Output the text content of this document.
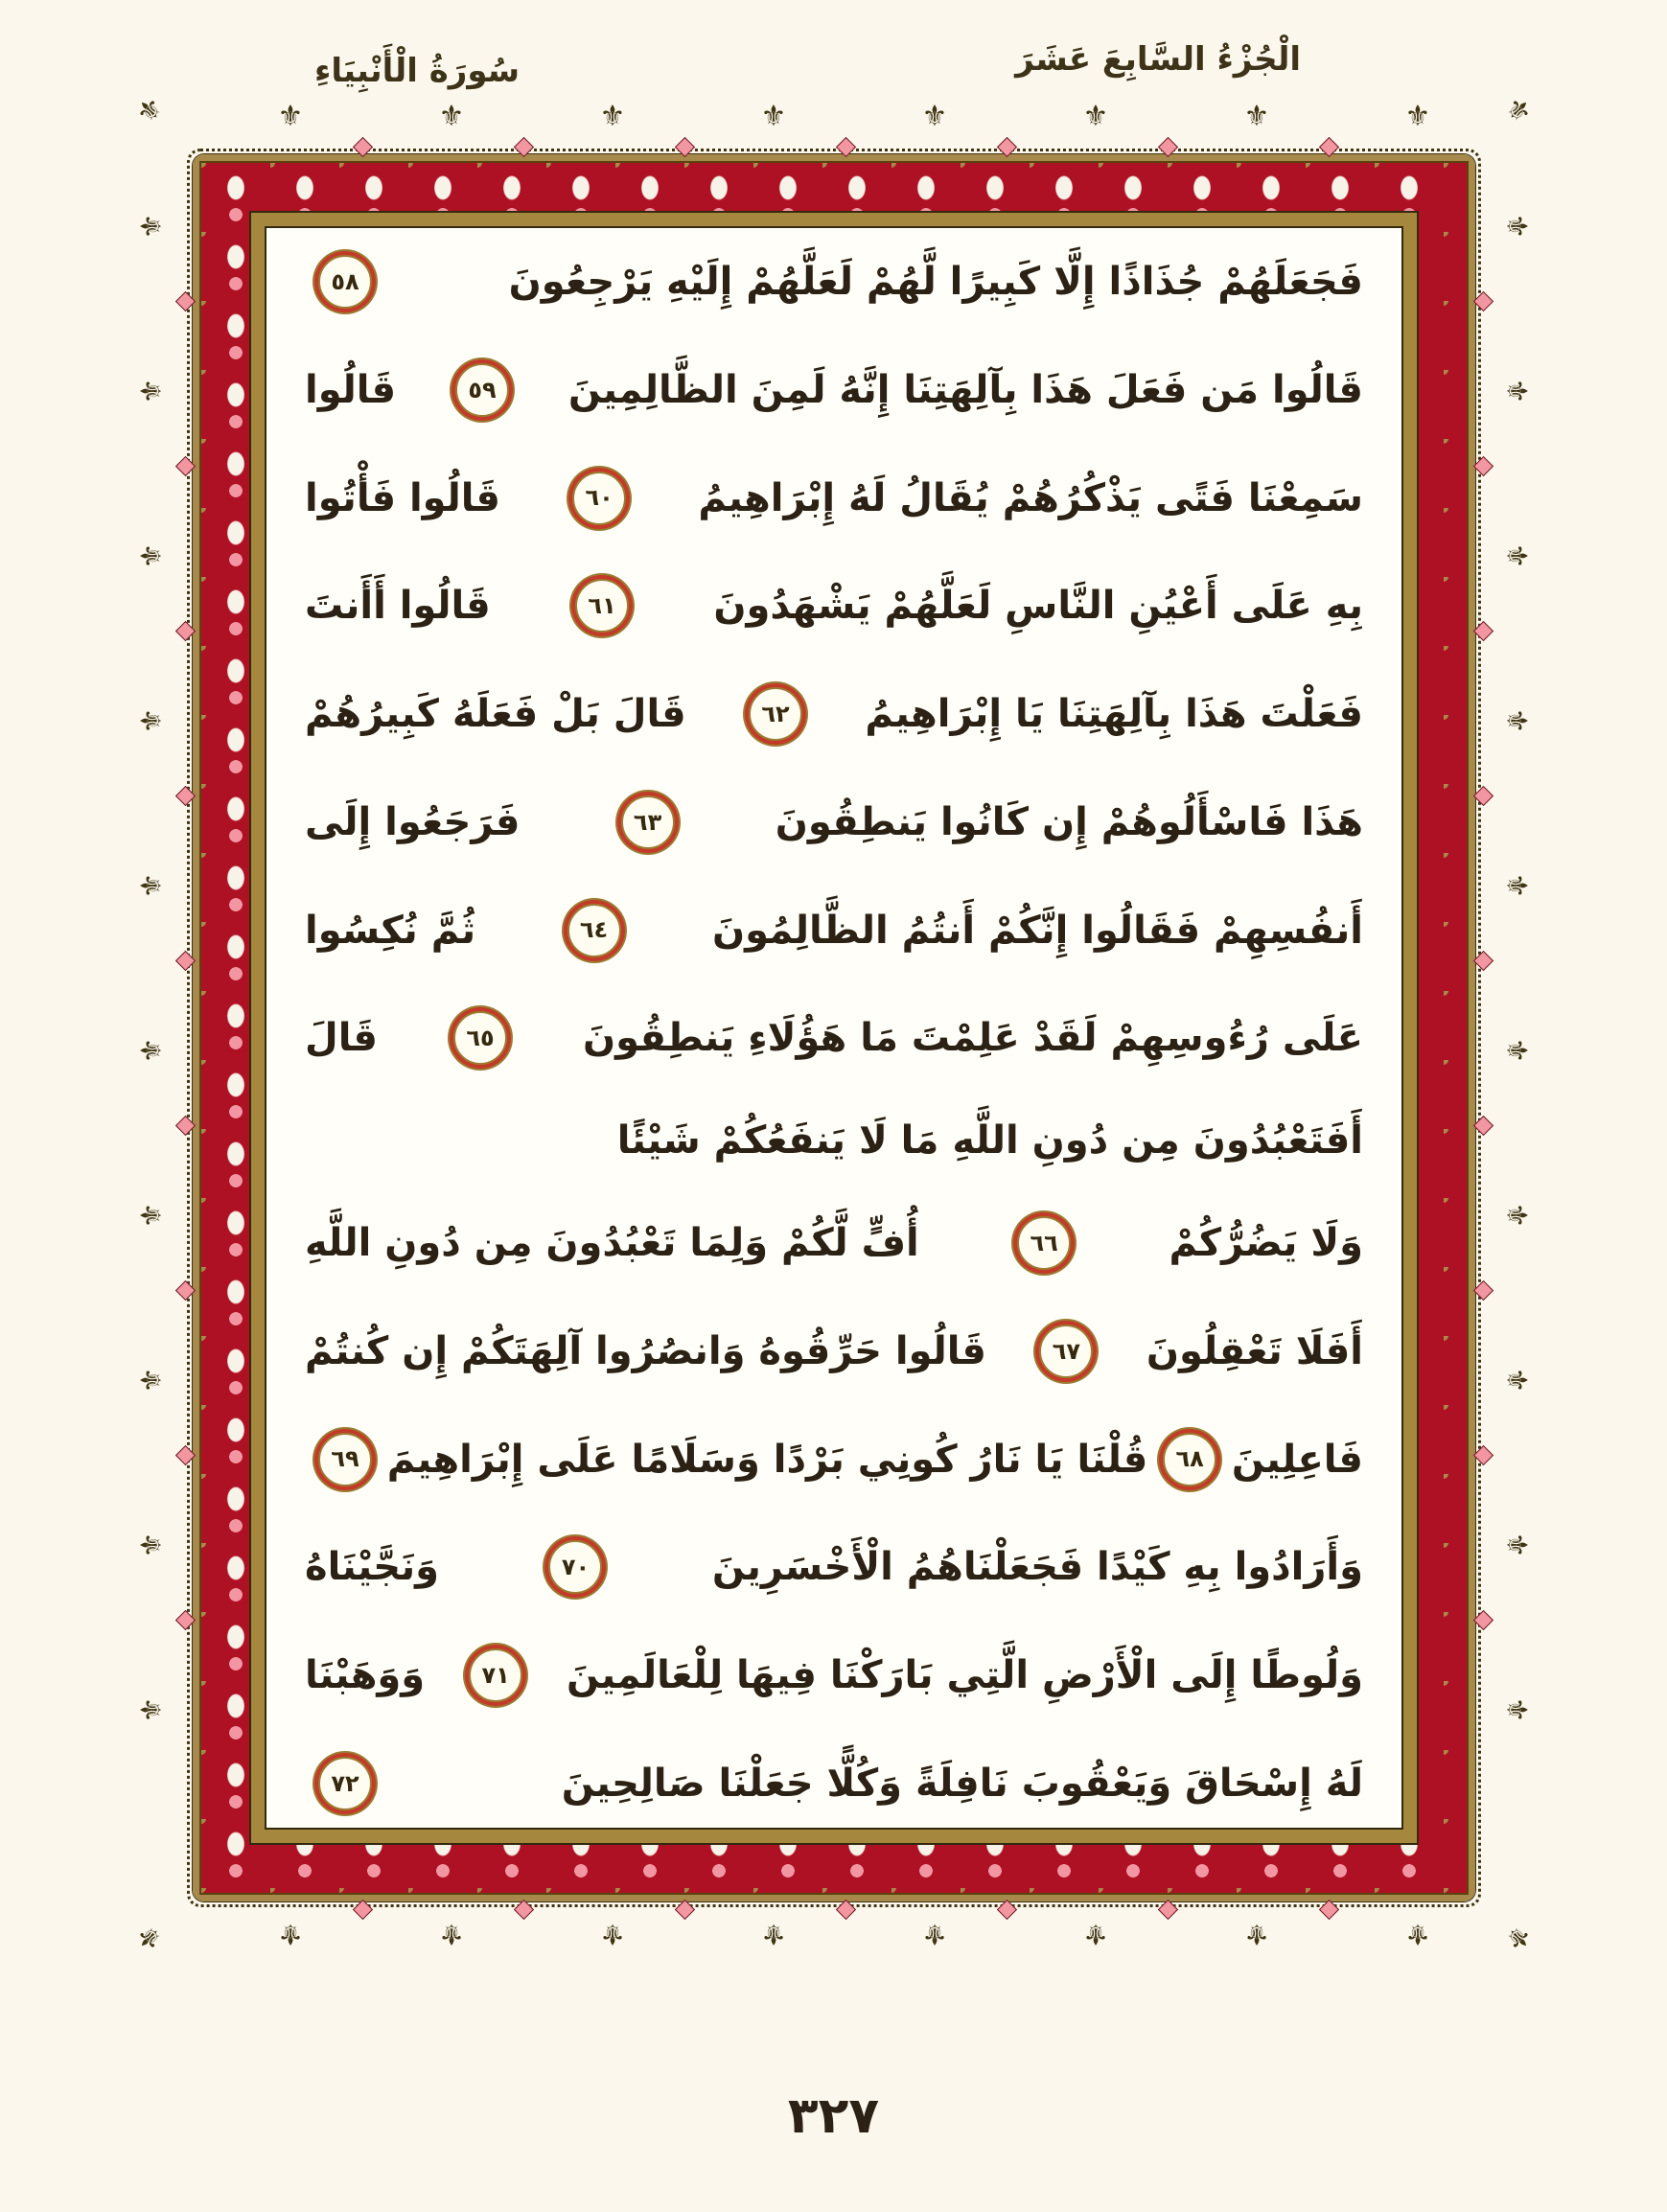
الْجُزْءُ السَّابِعَ عَشَرَ
سُورَةُ الْأَنْبِيَاءِ
فَجَعَلَهُمْ جُذَاذًا إِلَّا كَبِيرًا لَّهُمْ لَعَلَّهُمْ إِلَيْهِ يَرْجِعُونَ
٥٨
قَالُوا مَن فَعَلَ هَذَا بِآلِهَتِنَا إِنَّهُ لَمِنَ الظَّالِمِينَ
٥٩
قَالُوا
سَمِعْنَا فَتًى يَذْكُرُهُمْ يُقَالُ لَهُ إِبْرَاهِيمُ
٦٠
قَالُوا فَأْتُوا
بِهِ عَلَى أَعْيُنِ النَّاسِ لَعَلَّهُمْ يَشْهَدُونَ
٦١
قَالُوا أَأَنتَ
فَعَلْتَ هَذَا بِآلِهَتِنَا يَا إِبْرَاهِيمُ
٦٢
قَالَ بَلْ فَعَلَهُ كَبِيرُهُمْ
هَذَا فَاسْأَلُوهُمْ إِن كَانُوا يَنطِقُونَ
٦٣
فَرَجَعُوا إِلَى
أَنفُسِهِمْ فَقَالُوا إِنَّكُمْ أَنتُمُ الظَّالِمُونَ
٦٤
ثُمَّ نُكِسُوا
عَلَى رُءُوسِهِمْ لَقَدْ عَلِمْتَ مَا هَؤُلَاءِ يَنطِقُونَ
٦٥
قَالَ
أَفَتَعْبُدُونَ مِن دُونِ اللَّهِ مَا لَا يَنفَعُكُمْ شَيْئًا
وَلَا يَضُرُّكُمْ
٦٦
أُفٍّ لَّكُمْ وَلِمَا تَعْبُدُونَ مِن دُونِ اللَّهِ
أَفَلَا تَعْقِلُونَ
٦٧
قَالُوا حَرِّقُوهُ وَانصُرُوا آلِهَتَكُمْ إِن كُنتُمْ
فَاعِلِينَ
٦٨
قُلْنَا يَا نَارُ كُونِي بَرْدًا وَسَلَامًا عَلَى إِبْرَاهِيمَ
٦٩
وَأَرَادُوا بِهِ كَيْدًا فَجَعَلْنَاهُمُ الْأَخْسَرِينَ
٧٠
وَنَجَّيْنَاهُ
وَلُوطًا إِلَى الْأَرْضِ الَّتِي بَارَكْنَا فِيهَا لِلْعَالَمِينَ
٧١
وَوَهَبْنَا
لَهُ إِسْحَاقَ وَيَعْقُوبَ نَافِلَةً وَكُلًّا جَعَلْنَا صَالِحِينَ
٧٢
⚜
⚜
⚜
⚜
⚜
⚜
⚜
⚜
⚜
⚜
⚜
⚜
⚜
⚜
⚜
⚜
⚜	⚜
⚜	⚜
⚜	⚜
⚜	⚜
⚜	⚜
⚜	⚜
⚜	⚜
⚜	⚜
⚜	⚜
⚜	⚜
⚜	⚜
⚜	⚜
٣٢٧
